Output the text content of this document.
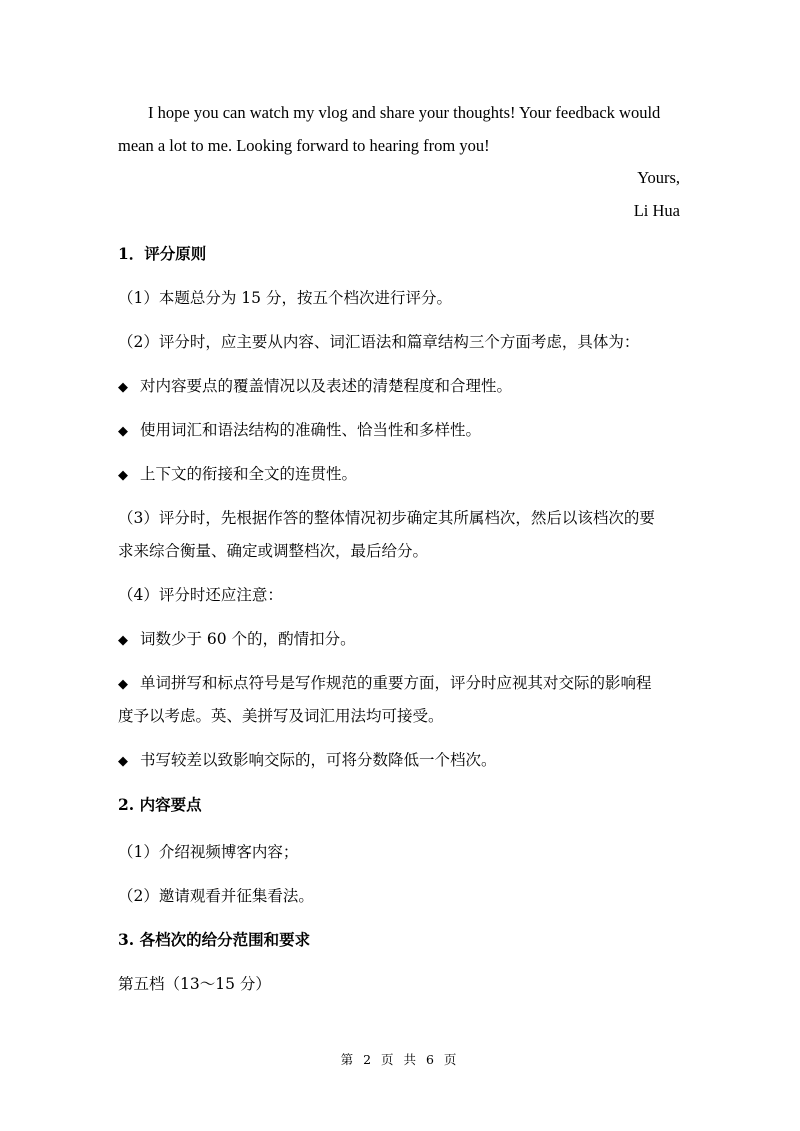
I hope you can watch my vlog and share your thoughts! Your feedback would
mean a lot to me. Looking forward to hearing from you!
Yours,
Li Hua
1．评分原则
（1）本题总分为 15 分，按五个档次进行评分。
（2）评分时，应主要从内容、词汇语法和篇章结构三个方面考虑，具体为：
◆ 对内容要点的覆盖情况以及表述的清楚程度和合理性。
◆ 使用词汇和语法结构的准确性、恰当性和多样性。
◆ 上下文的衔接和全文的连贯性。
（3）评分时，先根据作答的整体情况初步确定其所属档次，然后以该档次的要
求来综合衡量、确定或调整档次，最后给分。
（4）评分时还应注意：
◆ 词数少于 60 个的，酌情扣分。
◆ 单词拼写和标点符号是写作规范的重要方面，评分时应视其对交际的影响程
度予以考虑。英、美拼写及词汇用法均可接受。
◆ 书写较差以致影响交际的，可将分数降低一个档次。
2. 内容要点
（1）介绍视频博客内容；
（2）邀请观看并征集看法。
3. 各档次的给分范围和要求
第五档（13～15 分）
第 2 页 共 6 页
